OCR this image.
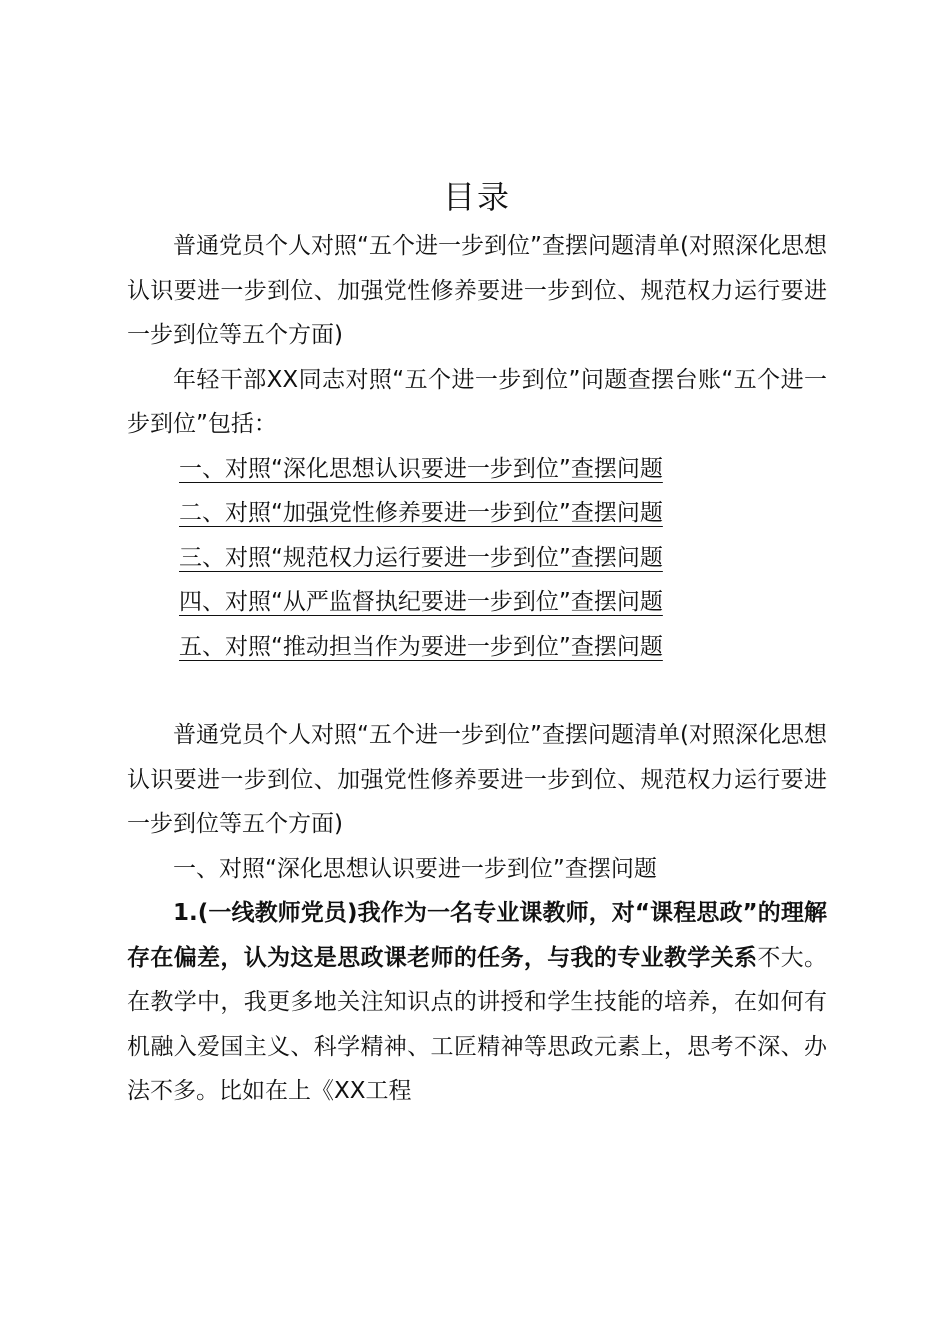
目录

普通党员个人对照“五个进一步到位”查摆问题清单(对照深化思想认识要进一步到位、加强党性修养要进一步到位、规范权力运行要进一步到位等五个方面)

年轻干部XX同志对照“五个进一步到位”问题查摆台账“五个进一步到位”包括：

一、对照“深化思想认识要进一步到位”查摆问题

二、对照“加强党性修养要进一步到位”查摆问题

三、对照“规范权力运行要进一步到位”查摆问题

四、对照“从严监督执纪要进一步到位”查摆问题

五、对照“推动担当作为要进一步到位”查摆问题

普通党员个人对照“五个进一步到位”查摆问题清单(对照深化思想认识要进一步到位、加强党性修养要进一步到位、规范权力运行要进一步到位等五个方面)

一、对照“深化思想认识要进一步到位”查摆问题

1.(一线教师党员)我作为一名专业课教师，对“课程思政”的理解存在偏差，认为这是思政课老师的任务，与我的专业教学关系不大。在教学中，我更多地关注知识点的讲授和学生技能的培养，在如何有机融入爱国主义、科学精神、工匠精神等思政元素上，思考不深、办法不多。比如在上《XX工程
